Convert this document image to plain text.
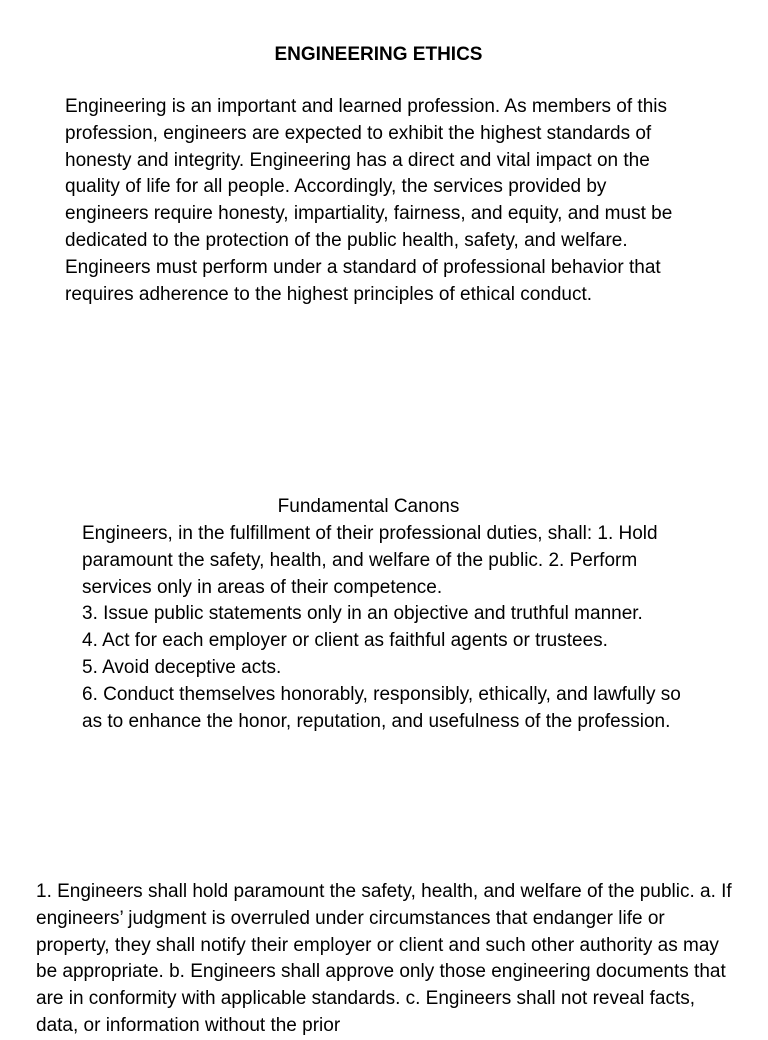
ENGINEERING ETHICS

Engineering is an important and learned profession. As members of this profession, engineers are expected to exhibit the highest standards of honesty and integrity. Engineering has a direct and vital impact on the quality of life for all people. Accordingly, the services provided by engineers require honesty, impartiality, fairness, and equity, and must be dedicated to the protection of the public health, safety, and welfare. Engineers must perform under a standard of professional behavior that requires adherence to the highest principles of ethical conduct.

Fundamental Canons
Engineers, in the fulfillment of their professional duties, shall: 1. Hold paramount the safety, health, and welfare of the public. 2. Perform services only in areas of their competence.
3. Issue public statements only in an objective and truthful manner.
4. Act for each employer or client as faithful agents or trustees.
5. Avoid deceptive acts.
6. Conduct themselves honorably, responsibly, ethically, and lawfully so as to enhance the honor, reputation, and usefulness of the profession.

1. Engineers shall hold paramount the safety, health, and welfare of the public. a. If engineers’ judgment is overruled under circumstances that endanger life or property, they shall notify their employer or client and such other authority as may be appropriate. b. Engineers shall approve only those engineering documents that are in conformity with applicable standards. c. Engineers shall not reveal facts, data, or information without the prior
